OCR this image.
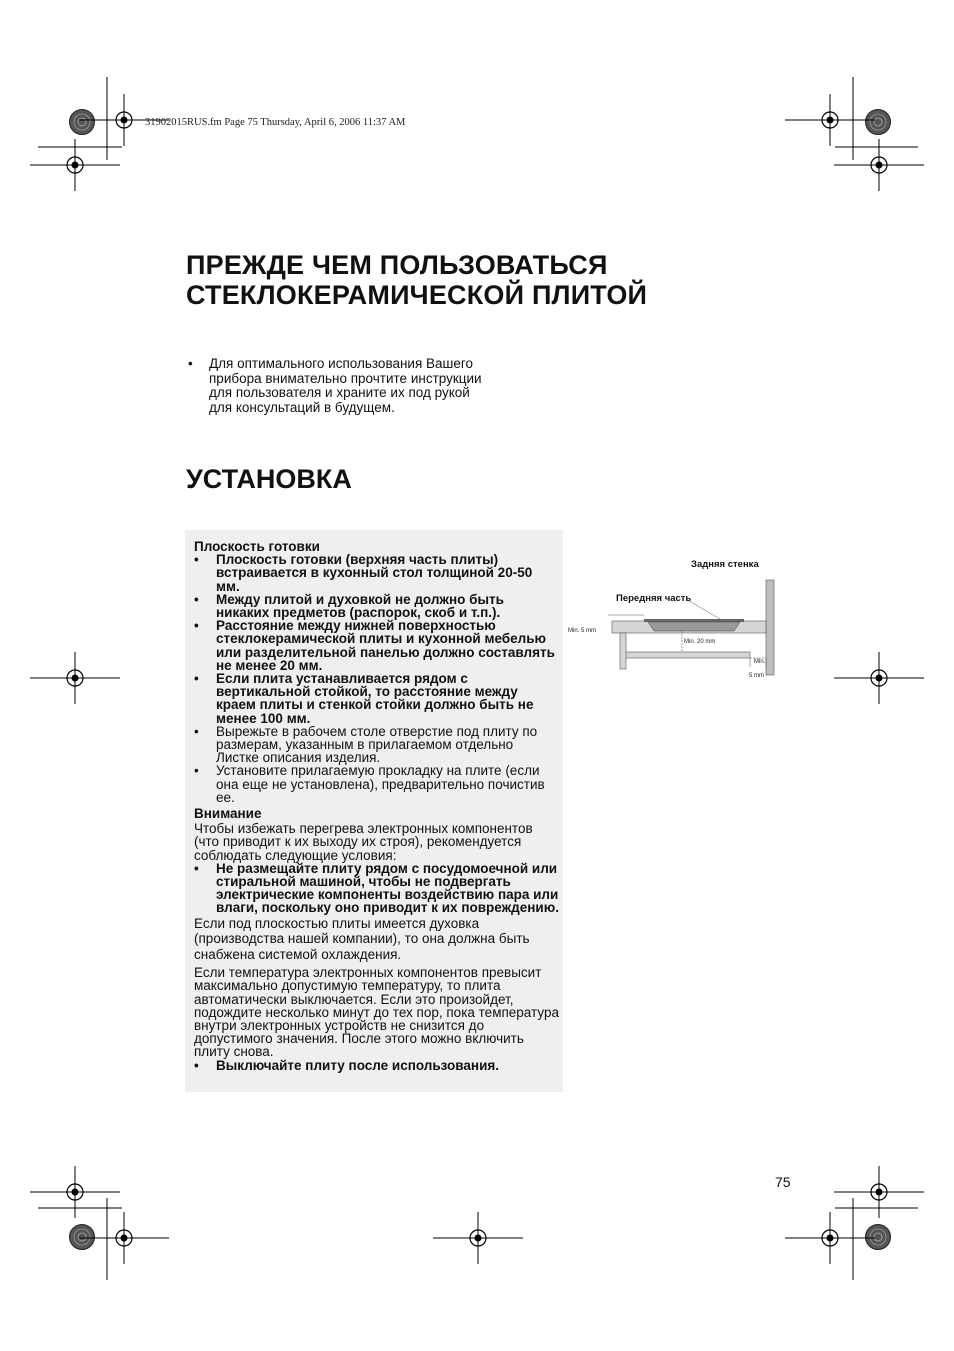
31902015RUS.fm Page 75 Thursday, April 6, 2006 11:37 AM
ПРЕЖДЕ ЧЕМ ПОЛЬЗОВАТЬСЯ
СТЕКЛОКЕРАМИЧЕСКОЙ ПЛИТОЙ
•	Для оптимального использования Вашего прибора внимательно прочтите инструкции для пользователя и храните их под рукой для консультаций в будущем.
УСТАНОВКА
Плоскость готовки
•	Плоскость готовки (верхняя часть плиты) встраивается в кухонный стол толщиной 20-50 мм.
•	Между плитой и духовкой не должно быть никаких предметов (распорок, скоб и т.п.).
•	Расстояние между нижней поверхностью стеклокерамической плиты и кухонной мебелью или разделительной панелью должно составлять не менее 20 мм.
•	Если плита устанавливается рядом с вертикальной стойкой, то расстояние между краем плиты и стенкой стойки должно быть не менее 100 мм.
•	Вырежьте в рабочем столе отверстие под плиту по размерам, указанным в прилагаемом отдельно Листке описания изделия.
•	Установите прилагаемую прокладку на плите (если она еще не установлена), предварительно почистив ее.
Внимание
Чтобы избежать перегрева электронных компонентов (что приводит к их выходу их строя), рекомендуется соблюдать следующие условия:
•	Не размещайте плиту рядом с посудомоечной или стиральной машиной, чтобы не подвергать электрические компоненты воздействию пара или влаги, поскольку оно приводит к их повреждению.
Если под плоскостью плиты имеется духовка (производства нашей компании), то она должна быть снабжена системой охлаждения.
Если температура электронных компонентов превысит максимально допустимую температуру, то плита автоматически выключается. Если это произойдет, подождите несколько минут до тех пор, пока температура внутри электронных устройств не снизится до допустимого значения. После этого можно включить плиту снова.
•	Выключайте плиту после использования.
Задняя стенка
Передняя часть
Min. 5 mm
Min. 20 mm
Min.
5 mm
75
